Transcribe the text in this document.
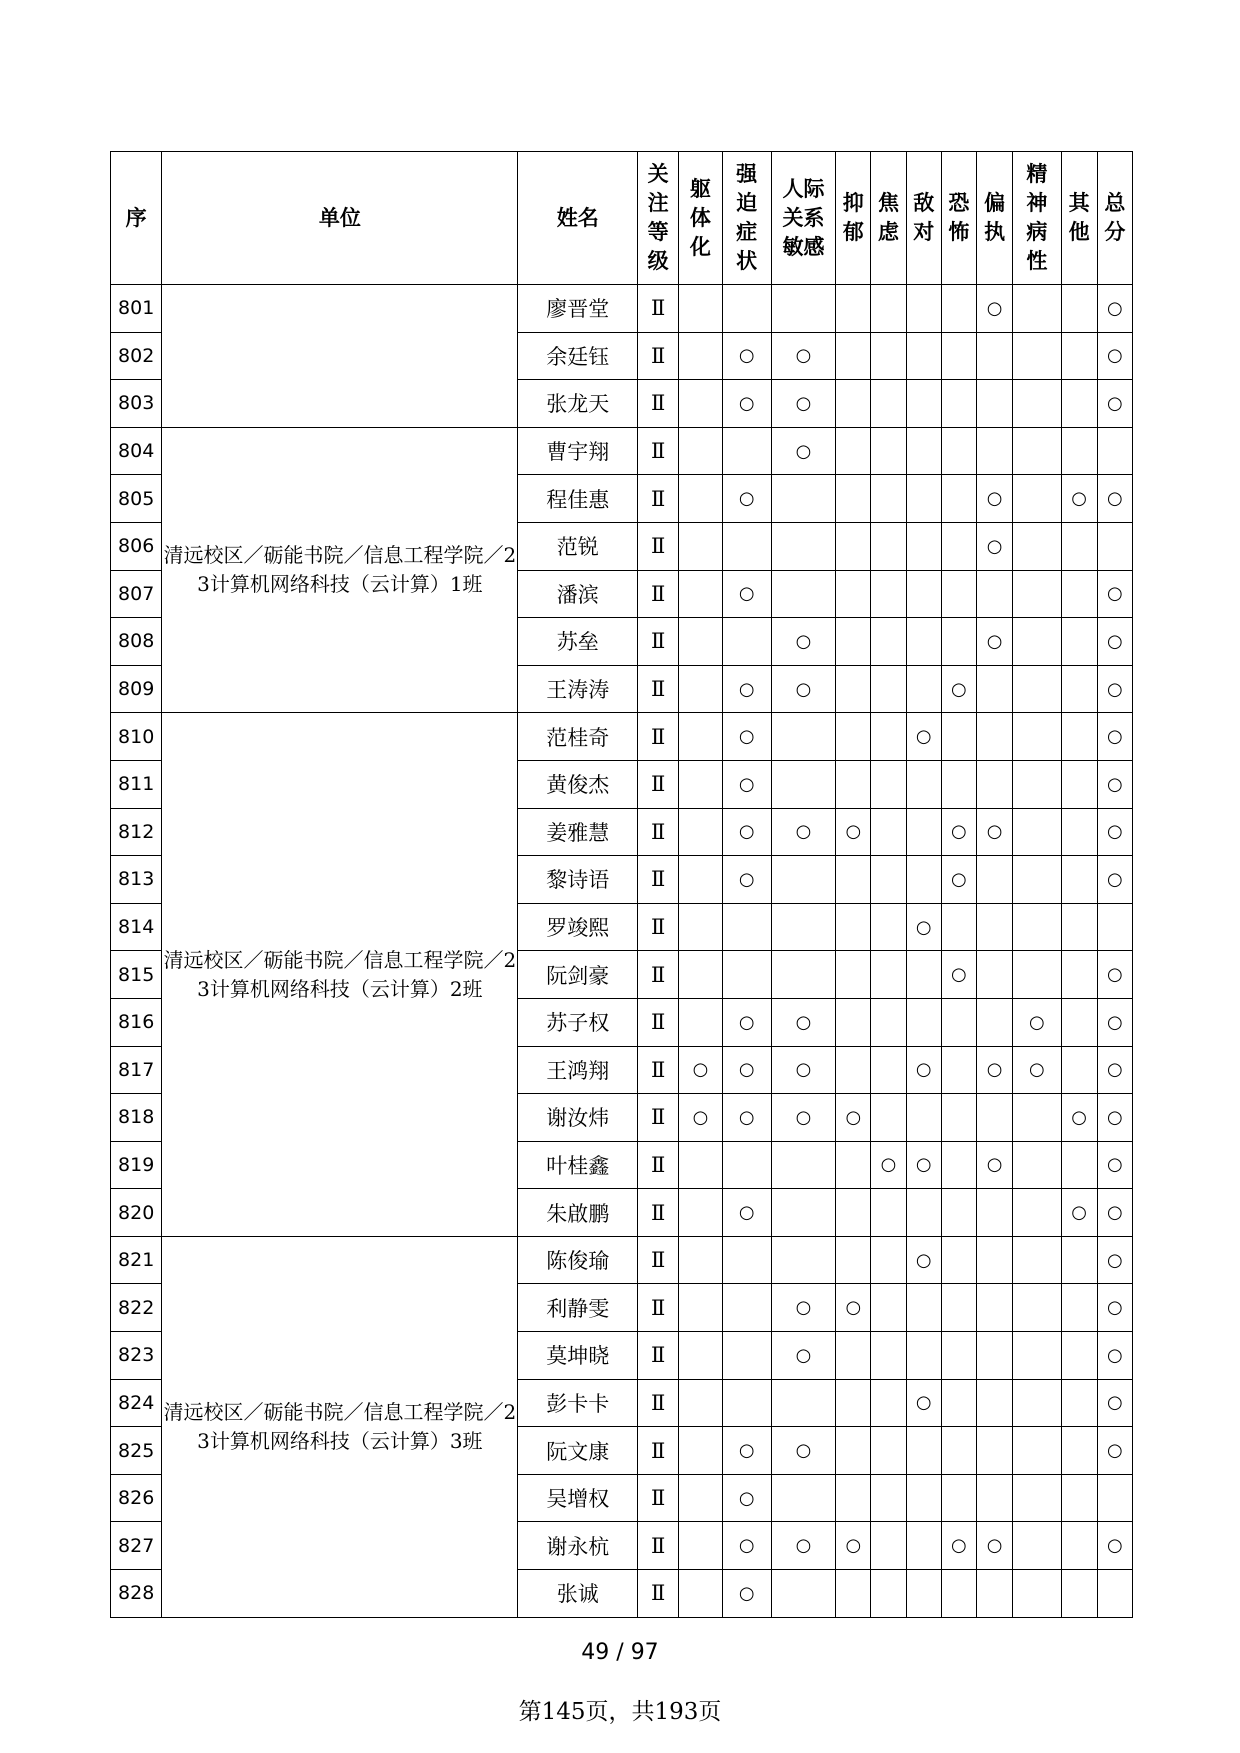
序	单位	姓名	关注等级	躯体化	强迫症状	人际关系敏感	抑郁	焦虑	敌对	恐怖	偏执	精神病性	其他	总分
801		廖晋堂	Ⅱ								○			○
802		余廷钰	Ⅱ		○	○								○
803		张龙天	Ⅱ		○	○								○
804	清远校区／砺能书院／信息工程学院／23计算机网络科技（云计算）1班	曹宇翔	Ⅱ			○								
805		程佳惠	Ⅱ		○						○		○	○
806		范锐	Ⅱ								○			
807		潘滨	Ⅱ		○									○
808		苏垒	Ⅱ			○					○			○
809		王涛涛	Ⅱ		○	○				○				○
810	清远校区／砺能书院／信息工程学院／23计算机网络科技（云计算）2班	范桂奇	Ⅱ		○				○					○
811		黄俊杰	Ⅱ		○									○
812		姜雅慧	Ⅱ		○	○	○			○	○			○
813		黎诗语	Ⅱ		○					○				○
814		罗竣熙	Ⅱ						○					
815		阮剑豪	Ⅱ							○				○
816		苏子权	Ⅱ		○	○						○		○
817		王鸿翔	Ⅱ	○	○	○			○		○	○		○
818		谢汝炜	Ⅱ	○	○	○	○						○	○
819		叶桂鑫	Ⅱ					○	○		○			○
820		朱啟鹏	Ⅱ		○								○	○
821	清远校区／砺能书院／信息工程学院／23计算机网络科技（云计算）3班	陈俊瑜	Ⅱ						○					○
822		利静雯	Ⅱ			○	○							○
823		莫坤晓	Ⅱ			○								○
824		彭卡卡	Ⅱ						○					○
825		阮文康	Ⅱ		○	○								○
826		吴增权	Ⅱ		○									
827		谢永杭	Ⅱ		○	○	○			○	○			○
828		张诚	Ⅱ		○									
49 / 97
第145页，共193页
